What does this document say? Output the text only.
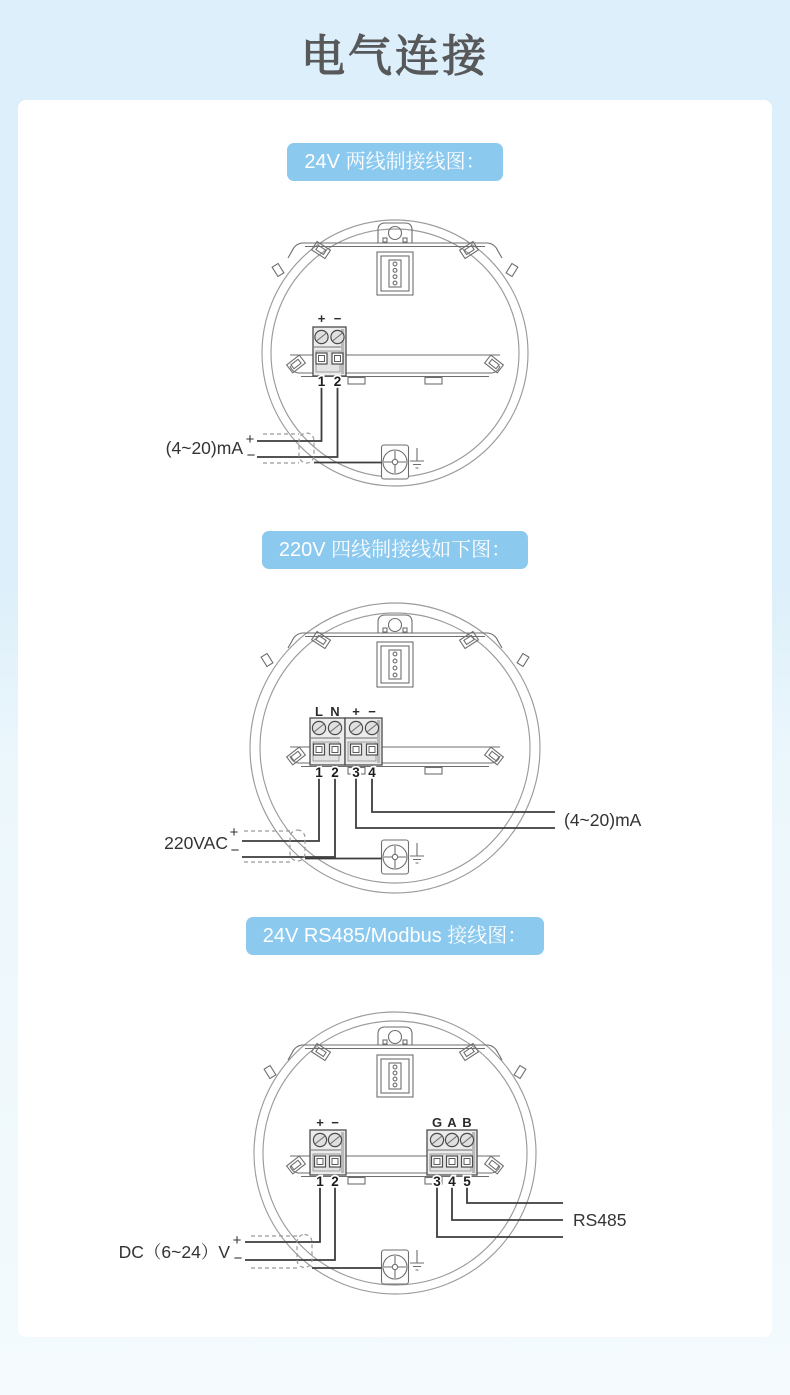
电气连接
24V 两线制接线图：
+ −
1 2
(4~20)mA +
−
220V 四线制接线如下图：
L N + −
1 2 3 4
220VAC
+
−
(4~20)mA
24V RS485/Modbus 接线图：
+ −	G A B
1 2	3 4 5
DC（6~24）V
+
−
RS485
